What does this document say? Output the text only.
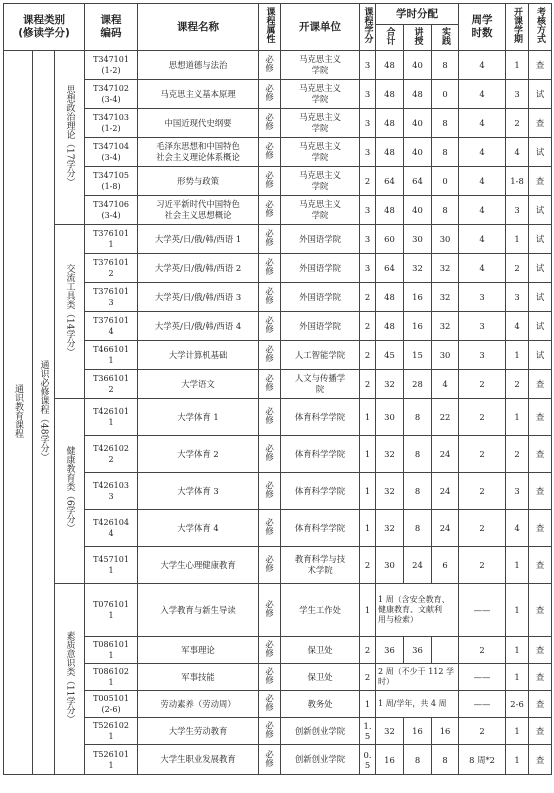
课程类别
(修读学分)			课程
编码	课程名称	课程属性	开课单位	课程学分	学时分配			周学
时数	开课学期	考核方式
								合计	讲授	实践			
通识教育课程	通识必修课程（48学分）	思想政治理论（17学分）	T347101
(1-2)	思想道德与法治	必修	马克思主义
学院	3	48	40	8	4	1	查
			T347102
(3-4)	马克思主义基本原理	必修	马克思主义
学院	3	48	48	0	4	3	试
			T347103
(1-2)	中国近现代史纲要	必修	马克思主义
学院	3	48	40	8	4	2	查
			T347104
(3-4)	毛泽东思想和中国特色
社会主义理论体系概论	必修	马克思主义
学院	3	48	40	8	4	4	试
			T347105
(1-8)	形势与政策	必修	马克思主义
学院	2	64	64	0	4	1-8	查
			T347106
(3-4)	习近平新时代中国特色
社会主义思想概论	必修	马克思主义
学院	3	48	40	8	4	3	试
		交流工具类（14学分）	T376101
1	大学英/日/俄/韩/西语 1	必修	外国语学院	3	60	30	30	4	1	试
			T376101
2	大学英/日/俄/韩/西语 2	必修	外国语学院	3	64	32	32	4	2	试
			T376101
3	大学英/日/俄/韩/西语 3	必修	外国语学院	2	48	16	32	3	3	试
			T376101
4	大学英/日/俄/韩/西语 4	必修	外国语学院	2	48	16	32	3	4	试
			T466101
1	大学计算机基础	必修	人工智能学院	2	45	15	30	3	1	试
			T366101
2	大学语文	必修	人文与传播学
院	2	32	28	4	2	2	查
		健康教育类（6学分）	T426101
1	大学体育 1	必修	体育科学学院	1	30	8	22	2	1	查
			T426102
2	大学体育 2	必修	体育科学学院	1	32	8	24	2	2	查
			T426103
3	大学体育 3	必修	体育科学学院	1	32	8	24	2	3	查
			T426104
4	大学体育 4	必修	体育科学学院	1	32	8	24	2	4	查
			T457101
1	大学生心理健康教育	必修	教育科学与技
术学院	2	30	24	6	2	1	查
		素质意识类（11学分）	T076101
1	入学教育与新生导读	必修	学生工作处	1	1 周（含安全教育、
健康教育、文献利
用与检索）			——	1	查
			T086101
1	军事理论	必修	保卫处	2	36	36		2	1	查
			T086102
1	军事技能	必修	保卫处	2	2 周（不少于 112 学
时）			——	1	查
			T005101
(2-6)	劳动素养（劳动周）	必修	教务处	1	1 周/学年，共 4 周			——	2-6	查
			T526102
1	大学生劳动教育	必修	创新创业学院	1.
5	32	16	16	2	1	查
			T526101
1	大学生职业发展教育	必修	创新创业学院	0.
5	16	8	8	8 周*2	1	查
